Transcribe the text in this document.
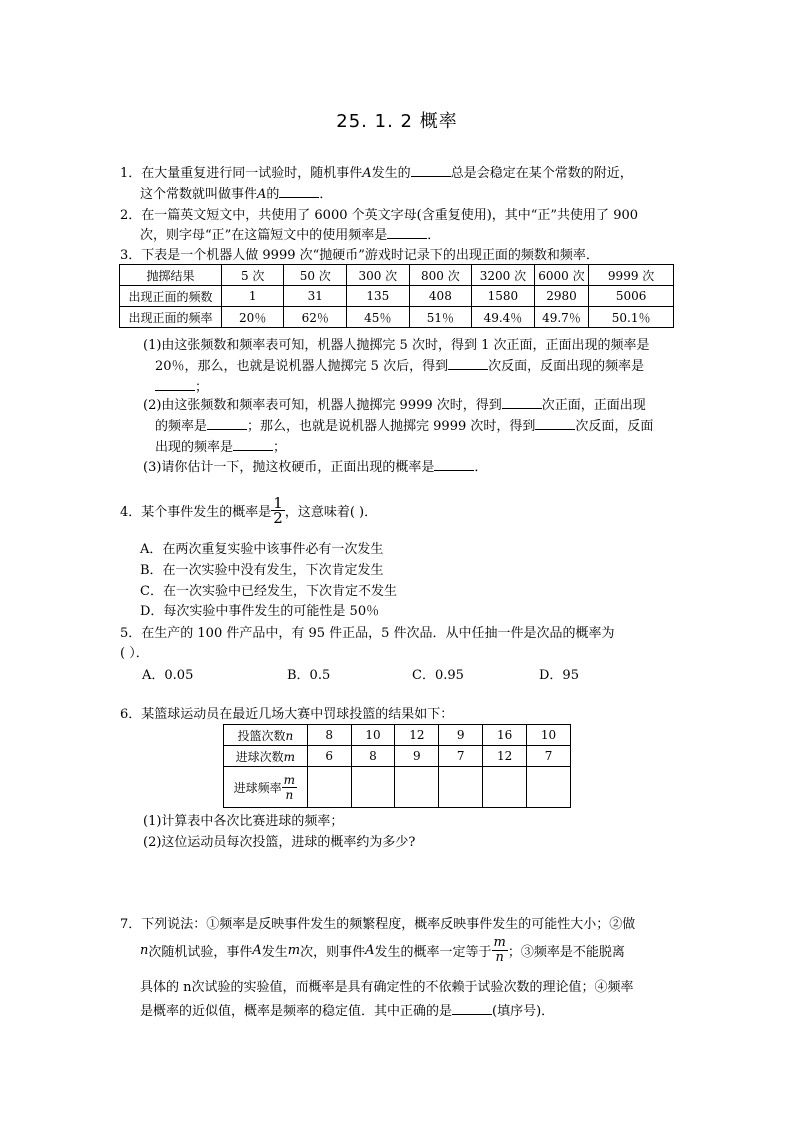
25. 1. 2 概率
1．在大量重复进行同一试验时，随机事件A发生的	总是会稳定在某个常数的附近，
这个常数就叫做事件A的	．
2．在一篇英文短文中，共使用了 6000 个英文字母(含重复使用)，其中“正”共使用了 900
次，则字母“正”在这篇短文中的使用频率是	．
3．下表是一个机器人做 9999 次“抛硬币”游戏时记录下的出现正面的频数和频率．
抛掷结果	5 次	50 次	300 次	800 次	3200 次	6000 次	9999 次
出现正面的频数	1	31	135	408	1580	2980	5006
出现正面的频率	20％	62％	45％	51％	49.4％	49.7％	50.1％
(1)由这张频数和频率表可知，机器人抛掷完 5 次时，得到 1 次正面，正面出现的频率是
20％，那么，也就是说机器人抛掷完 5 次后，得到	次反面，反面出现的频率是
；
(2)由这张频数和频率表可知，机器人抛掷完 9999 次时，得到	次正面，正面出现
的频率是	；那么，也就是说机器人抛掷完 9999 次时，得到	次反面，反面
出现的频率是	；
(3)请你估计一下，抛这枚硬币，正面出现的概率是	．
4．某个事件发生的概率是 $\frac{1}{2}$ ，这意味着( )．
A．在两次重复实验中该事件必有一次发生
B．在一次实验中没有发生，下次肯定发生
C．在一次实验中已经发生，下次肯定不发生
D．每次实验中事件发生的可能性是 50％
5．在生产的 100 件产品中，有 95 件正品，5 件次品．从中任抽一件是次品的概率为
( ）．
A．0.05	B．0.5	C．0.95	D．95
6．某篮球运动员在最近几场大赛中罚球投篮的结果如下：
投篮次数n	8	10	12	9	16	10
进球次数m	6	8	9	7	12	7
进球频率 $\frac{m}{n}$

(1)计算表中各次比赛进球的频率；
(2)这位运动员每次投篮，进球的概率约为多少?
7．下列说法：①频率是反映事件发生的频繁程度，概率反映事件发生的可能性大小；②做
n次随机试验，事件A发生m次，则事件A发生的概率一定等于 $\frac{m}{n}$ ；③频率是不能脱离
具体的 n次试验的实验值，而概率是具有确定性的不依赖于试验次数的理论值；④频率
是概率的近似值，概率是频率的稳定值．其中正确的是	(填序号)．
